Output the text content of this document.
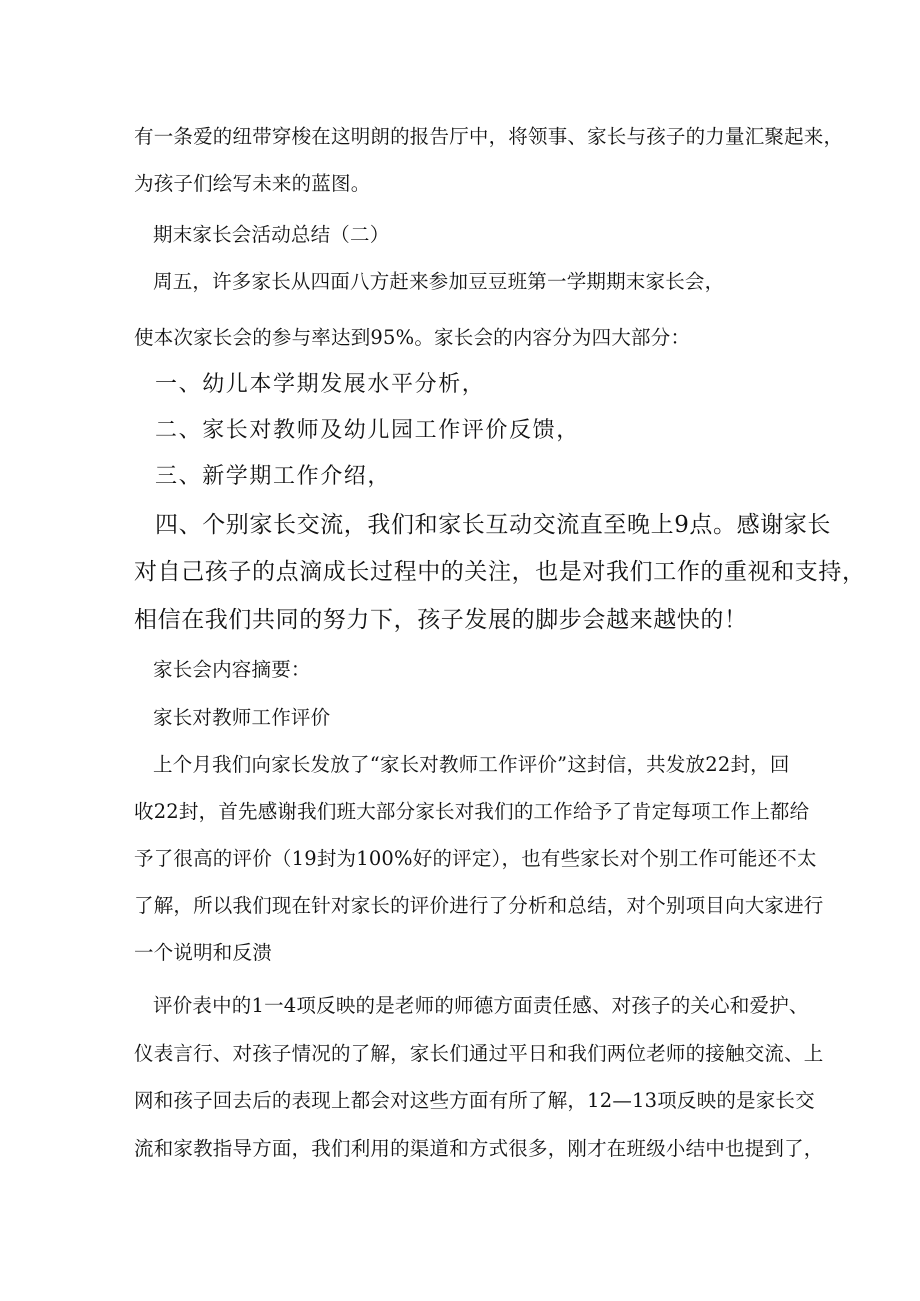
有一条爱的纽带穿梭在这明朗的报告厅中，将领事、家长与孩子的力量汇聚起来，

为孩子们绘写未来的蓝图。

期末家长会活动总结（二）

周五，许多家长从四面八方赶来参加豆豆班第一学期期末家长会，

使本次家长会的参与率达到95%。家长会的内容分为四大部分：

一、幼儿本学期发展水平分析，

二、家长对教师及幼儿园工作评价反馈，

三、新学期工作介绍，

四、个别家长交流，我们和家长互动交流直至晚上9点。感谢家长

对自己孩子的点滴成长过程中的关注，也是对我们工作的重视和支持，

相信在我们共同的努力下，孩子发展的脚步会越来越快的！

家长会内容摘要：

家长对教师工作评价

上个月我们向家长发放了“家长对教师工作评价”这封信，共发放22封，回

收22封，首先感谢我们班大部分家长对我们的工作给予了肯定每项工作上都给

予了很高的评价（19封为100%好的评定），也有些家长对个别工作可能还不太

了解，所以我们现在针对家长的评价进行了分析和总结，对个别项目向大家进行

一个说明和反溃

评价表中的1一4项反映的是老师的师德方面责任感、对孩子的关心和爱护、

仪表言行、对孩子情况的了解，家长们通过平日和我们两位老师的接触交流、上

网和孩子回去后的表现上都会对这些方面有所了解，12—13项反映的是家长交

流和家教指导方面，我们利用的渠道和方式很多，刚才在班级小结中也提到了，
